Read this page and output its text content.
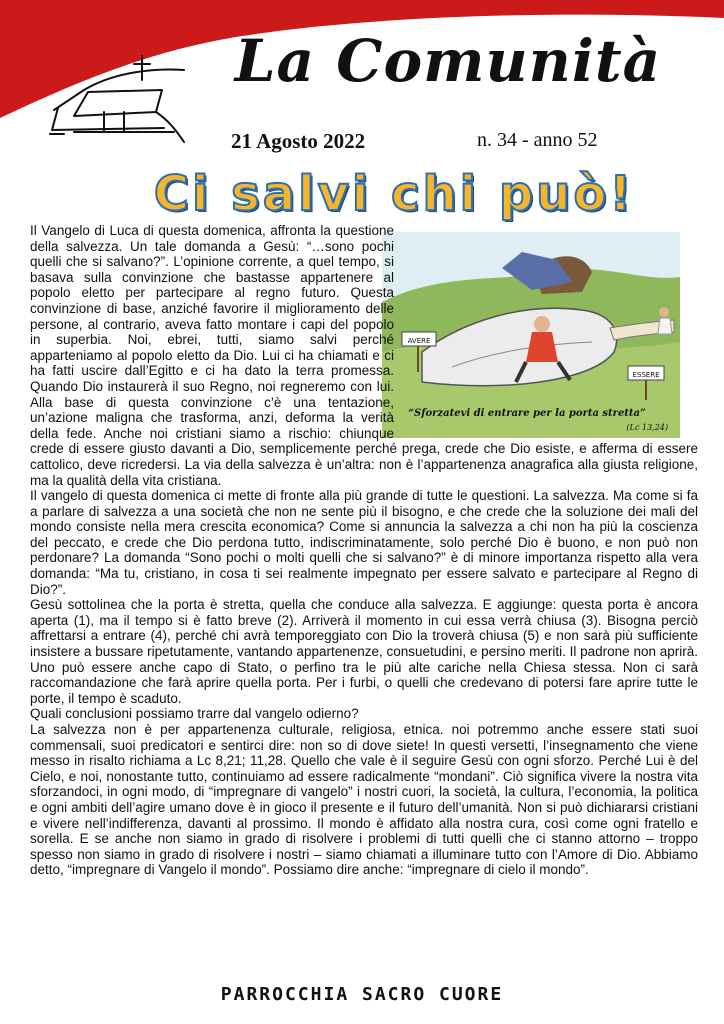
La Comunità
21 Agosto 2022	n. 34 - anno 52
Ci salvi chi può!
AVERE
ESSERE
“Sforzatevi di entrare per la porta stretta”
(Lc 13,24)

Il Vangelo di Luca di questa domenica, affronta la questione della salvezza. Un tale domanda a Gesù: “…sono pochi quelli che si salvano?”. L’opinione corrente, a quel tempo, si basava sulla convinzione che bastasse appartenere al popolo eletto per partecipare al regno futuro. Questa convinzione di base, anziché favorire il miglioramento delle persone, al contrario, aveva fatto montare i capi del popolo in superbia. Noi, ebrei, tutti, siamo salvi perché apparteniamo al popolo eletto da Dio. Lui ci ha chiamati e ci ha fatti uscire dall’Egitto e ci ha dato la terra promessa. Quando Dio instaurerà il suo Regno, noi regneremo con lui. Alla base di questa convinzione c’è una tentazione, un’azione maligna che trasforma, anzi, deforma la verità della fede. Anche noi cristiani siamo a rischio: chiunque crede di essere giusto davanti a Dio, semplicemente perché prega, crede che Dio esiste, e afferma di essere cattolico, deve ricredersi. La via della salvezza è un’altra: non è l’appartenenza anagrafica alla giusta religione, ma la qualità della vita cristiana.

Il vangelo di questa domenica ci mette di fronte alla più grande di tutte le questioni. La salvezza. Ma come si fa a parlare di salvezza a una società che non ne sente più il bisogno, e che crede che la soluzione dei mali del mondo consiste nella mera crescita economica? Come si annuncia la salvezza a chi non ha più la coscienza del peccato, e crede che Dio perdona tutto, indiscriminatamente, solo perché Dio è buono, e non può non perdonare? La domanda “Sono pochi o molti quelli che si salvano?” è di minore importanza rispetto alla vera domanda: “Ma tu, cristiano, in cosa ti sei realmente impegnato per essere salvato e partecipare al Regno di Dio?”.

Gesù sottolinea che la porta è stretta, quella che conduce alla salvezza. E aggiunge: questa porta è ancora aperta (1), ma il tempo si è fatto breve (2). Arriverà il momento in cui essa verrà chiusa (3). Bisogna perciò affrettarsi a entrare (4), perché chi avrà temporeggiato con Dio la troverà chiusa (5) e non sarà più sufficiente insistere a bussare ripetutamente, vantando appartenenze, consuetudini, e persino meriti. Il padrone non aprirà. Uno può essere anche capo di Stato, o perfino tra le più alte cariche nella Chiesa stessa. Non ci sarà raccomandazione che farà aprire quella porta. Per i furbi, o quelli che credevano di potersi fare aprire tutte le porte, il tempo è scaduto.

Quali conclusioni possiamo trarre dal vangelo odierno?

La salvezza non è per appartenenza culturale, religiosa, etnica. noi potremmo anche essere stati suoi commensali, suoi predicatori e sentirci dire: non so di dove siete! In questi versetti, l’insegnamento che viene messo in risalto richiama a Lc 8,21; 11,28. Quello che vale è il seguire Gesù con ogni sforzo. Perché Lui è del Cielo, e noi, nonostante tutto, continuiamo ad essere radicalmente “mondani”. Ciò significa vivere la nostra vita sforzandoci, in ogni modo, di “impregnare di vangelo” i nostri cuori, la società, la cultura, l’economia, la politica e ogni ambiti dell’agire umano dove è in gioco il presente e il futuro dell’umanità. Non si può dichiararsi cristiani e vivere nell’indifferenza, davanti al prossimo. Il mondo è affidato alla nostra cura, così come ogni fratello e sorella. E se anche non siamo in grado di risolvere i problemi di tutti quelli che ci stanno attorno – troppo spesso non siamo in grado di risolvere i nostri – siamo chiamati a illuminare tutto con l’Amore di Dio. Abbiamo detto, “impregnare di Vangelo il mondo”. Possiamo dire anche: “impregnare di cielo il mondo”.

PARROCCHIA SACRO CUORE
